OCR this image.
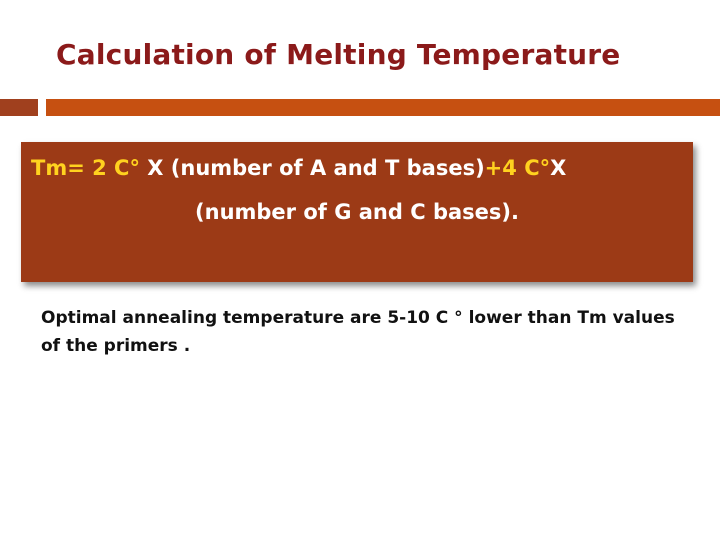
Calculation of Melting Temperature
Tm= 2 C° X (number of A and T bases)+4 C°X
(number of G and C bases).
Optimal annealing temperature are 5-10 C ° lower than Tm values of the primers .
